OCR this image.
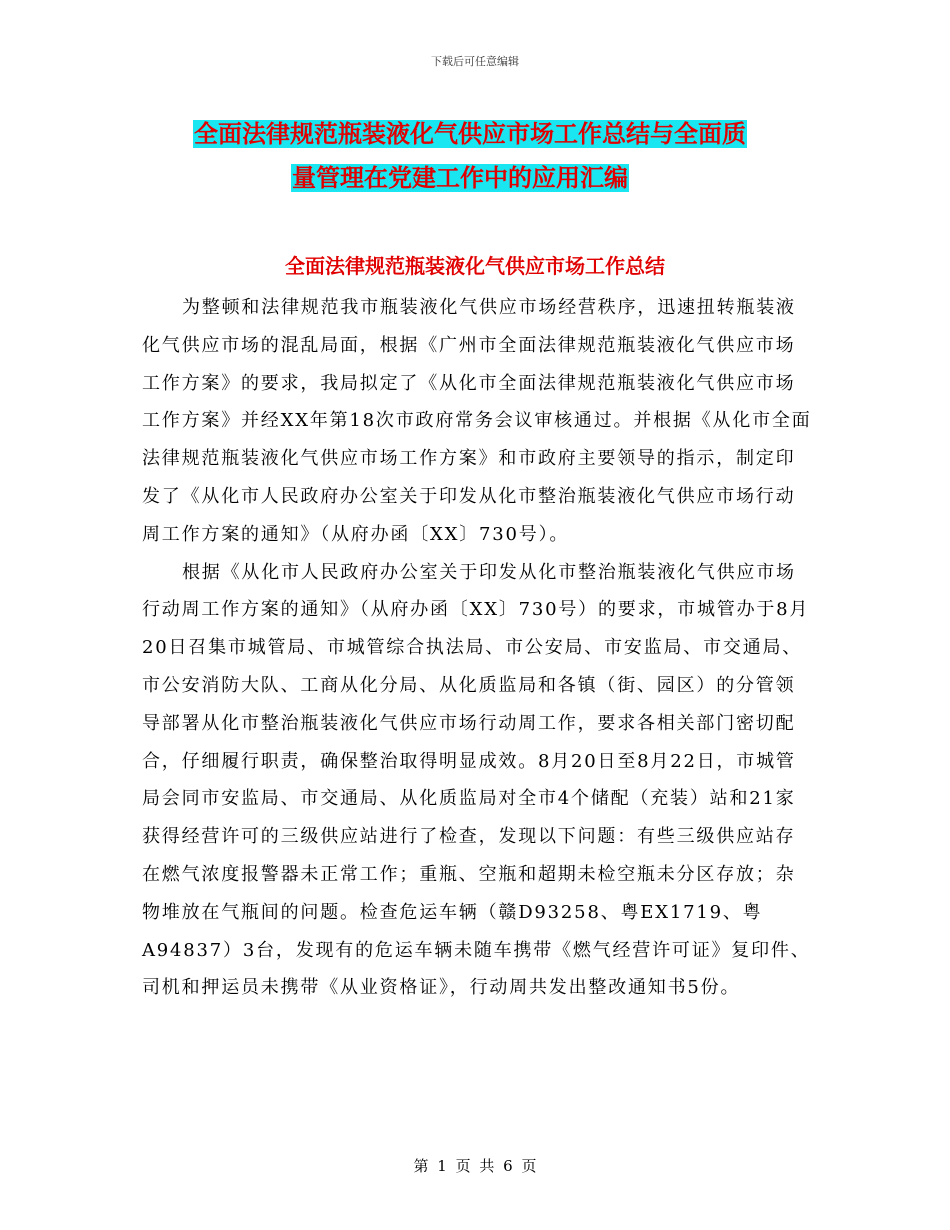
下载后可任意编辑
全面法律规范瓶装液化气供应市场工作总结与全面质
量管理在党建工作中的应用汇编
全面法律规范瓶装液化气供应市场工作总结

为整顿和法律规范我市瓶装液化气供应市场经营秩序，迅速扭转瓶装液化气供应市场的混乱局面，根据《广州市全面法律规范瓶装液化气供应市场工作方案》的要求，我局拟定了《从化市全面法律规范瓶装液化气供应市场工作方案》并经XX年第18次市政府常务会议审核通过。并根据《从化市全面法律规范瓶装液化气供应市场工作方案》和市政府主要领导的指示，制定印发了《从化市人民政府办公室关于印发从化市整治瓶装液化气供应市场行动周工作方案的通知》（从府办函〔XX〕730号）。

根据《从化市人民政府办公室关于印发从化市整治瓶装液化气供应市场行动周工作方案的通知》（从府办函〔XX〕730号）的要求，市城管办于8月20日召集市城管局、市城管综合执法局、市公安局、市安监局、市交通局、市公安消防大队、工商从化分局、从化质监局和各镇（街、园区）的分管领导部署从化市整治瓶装液化气供应市场行动周工作，要求各相关部门密切配合，仔细履行职责，确保整治取得明显成效。8月20日至8月22日，市城管局会同市安监局、市交通局、从化质监局对全市4个储配（充装）站和21家获得经营许可的三级供应站进行了检查，发现以下问题：有些三级供应站存在燃气浓度报警器未正常工作；重瓶、空瓶和超期未检空瓶未分区存放；杂物堆放在气瓶间的问题。检查危运车辆（赣D93258、粤EX1719、粤A94837）3台，发现有的危运车辆未随车携带《燃气经营许可证》复印件、司机和押运员未携带《从业资格证》，行动周共发出整改通知书5份。

第 1 页 共 6 页
